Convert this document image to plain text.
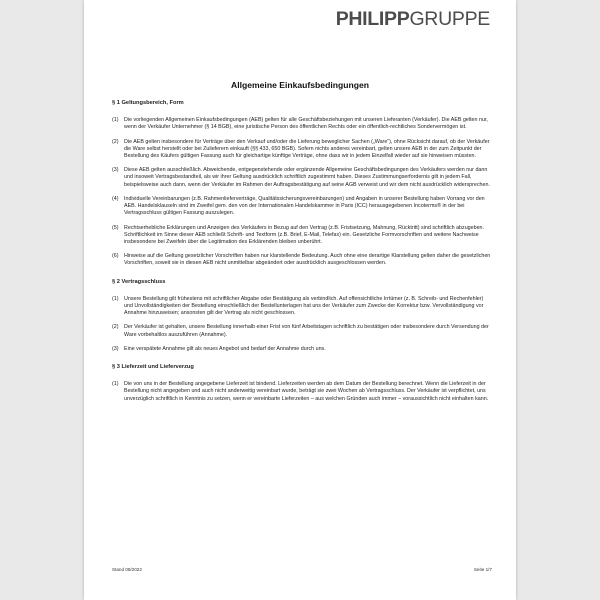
PHILIPPGRUPPE
Allgemeine Einkaufsbedingungen
§ 1 Geltungsbereich, Form
(1)	Die vorliegenden Allgemeinen Einkaufsbedingungen (AEB) gelten für alle Geschäftsbeziehungen mit unseren Lieferanten (Verkäufer). Die AEB gelten nur, wenn der Verkäufer Unternehmer (§ 14 BGB), eine juristische Person des öffentlichen Rechts oder ein öffentlich-rechtliches Sondervermögen ist.
(2)	Die AEB gelten insbesondere für Verträge über den Verkauf und/oder die Lieferung beweglicher Sachen („Ware“), ohne Rücksicht darauf, ob der Verkäufer die Ware selbst herstellt oder bei Zulieferern einkauft (§§ 433, 650 BGB). Sofern nichts anderes vereinbart, gelten unsere AEB in der zum Zeitpunkt der Bestellung des Käufers gültigen Fassung auch für gleichartige künftige Verträge, ohne dass wir in jedem Einzelfall wieder auf sie hinweisen müssten.
(3)	Diese AEB gelten ausschließlich. Abweichende, entgegenstehende oder ergänzende Allgemeine Geschäftsbedingungen des Verkäufers werden nur dann und insoweit Vertragsbestandteil, als wir ihrer Geltung ausdrücklich schriftlich zugestimmt haben. Dieses Zustimmungserfordernis gilt in jedem Fall, beispielsweise auch dann, wenn der Verkäufer im Rahmen der Auftragsbestätigung auf seine AGB verweist und wir dem nicht ausdrücklich widersprechen.
(4)	Individuelle Vereinbarungen (z.B. Rahmenlieferverträge, Qualitätssicherungsvereinbarungen) und Angaben in unserer Bestellung haben Vorrang vor den AEB. Handelsklauseln sind im Zweifel gem. den von der Internationalen Handelskammer in Paris (ICC) herausgegebenen Incoterms® in der bei Vertragsschluss gültigen Fassung auszulegen.
(5)	Rechtserhebliche Erklärungen und Anzeigen des Verkäufers in Bezug auf den Vertrag (z.B. Fristsetzung, Mahnung, Rücktritt) sind schriftlich abzugeben. Schriftlichkeit im Sinne dieser AEB schließt Schrift- und Textform (z.B. Brief, E-Mail, Telefax) ein. Gesetzliche Formvorschriften und weitere Nachweise insbesondere bei Zweifeln über die Legitimation des Erklärenden bleiben unberührt.
(6)	Hinweise auf die Geltung gesetzlicher Vorschriften haben nur klarstellende Bedeutung. Auch ohne eine derartige Klarstellung gelten daher die gesetzlichen Vorschriften, soweit sie in diesen AEB nicht unmittelbar abgeändert oder ausdrücklich ausgeschlossen werden.
§ 2 Vertragsschluss
(1)	Unsere Bestellung gilt frühestens mit schriftlicher Abgabe oder Bestätigung als verbindlich. Auf offensichtliche Irrtümer (z. B. Schreib- und Rechenfehler) und Unvollständigkeiten der Bestellung einschließlich der Bestellunterlagen hat uns der Verkäufer zum Zwecke der Korrektur bzw. Vervollständigung vor Annahme hinzuweisen; ansonsten gilt der Vertrag als nicht geschlossen.
(2)	Der Verkäufer ist gehalten, unsere Bestellung innerhalb einer Frist von fünf Arbeitstagen schriftlich zu bestätigen oder insbesondere durch Versendung der Ware vorbehaltlos auszuführen (Annahme).
(3)	Eine verspätete Annahme gilt als neues Angebot und bedarf der Annahme durch uns.
§ 3 Lieferzeit und Lieferverzug
(1)	Die von uns in der Bestellung angegebene Lieferzeit ist bindend. Lieferzeiten werden ab dem Datum der Bestellung berechnet. Wenn die Lieferzeit in der Bestellung nicht angegeben und auch nicht anderweitig vereinbart wurde, beträgt sie zwei Wochen ab Vertragsschluss. Der Verkäufer ist verpflichtet, uns unverzüglich schriftlich in Kenntnis zu setzen, wenn er vereinbarte Lieferzeiten – aus welchen Gründen auch immer – voraussichtlich nicht einhalten kann.
Stand 08/2022	Seite 1/7
